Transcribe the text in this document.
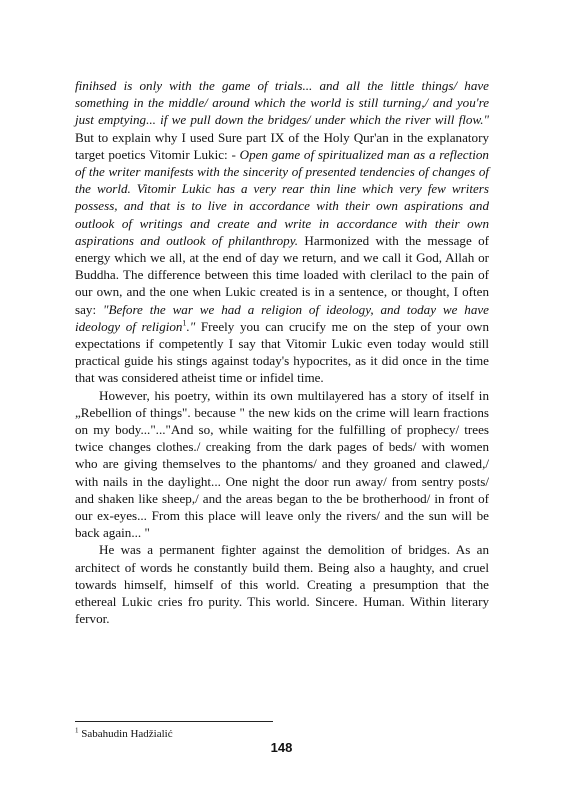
finihsed is only with the game of trials... and all the little things/ have something in the middle/ around which the world is still turning,/ and you're just emptying... if we pull down the bridges/ under which the river will flow." But to explain why I used Sure part IX of the Holy Qur'an in the explanatory target poetics Vitomir Lukic: - Open game of spiritualized man as a reflection of the writer manifests with the sincerity of presented tendencies of changes of the world. Vitomir Lukic has a very rear thin line which very few writers possess, and that is to live in accordance with their own aspirations and outlook of writings and create and write in accordance with their own aspirations and outlook of philanthropy. Harmonized with the message of energy which we all, at the end of day we return, and we call it God, Allah or Buddha. The difference between this time loaded with clerilacl to the pain of our own, and the one when Lukic created is in a sentence, or thought, I often say: "Before the war we had a religion of ideology, and today we have ideology of religion$^1$." Freely you can crucify me on the step of your own expectations if competently I say that Vitomir Lukic even today would still practical guide his stings against today's hypocrites, as it did once in the time that was considered atheist time or infidel time.

However, his poetry, within its own multilayered has a story of itself in „Rebellion of things". because " the new kids on the crime will learn fractions on my body..."..."And so, while waiting for the fulfilling of prophecy/ trees twice changes clothes./ creaking from the dark pages of beds/ with women who are giving themselves to the phantoms/ and they groaned and clawed,/ with nails in the daylight... One night the door run away/ from sentry posts/ and shaken like sheep,/ and the areas began to the be brotherhood/ in front of our ex-eyes... From this place will leave only the rivers/ and the sun will be back again... "

He was a permanent fighter against the demolition of bridges. As an architect of words he constantly build them. Being also a haughty, and cruel towards himself, himself of this world. Creating a presumption that the ethereal Lukic cries fro purity. This world. Sincere. Human. Within literary fervor.

$^1$ Sabahudin Hadžialić
148
